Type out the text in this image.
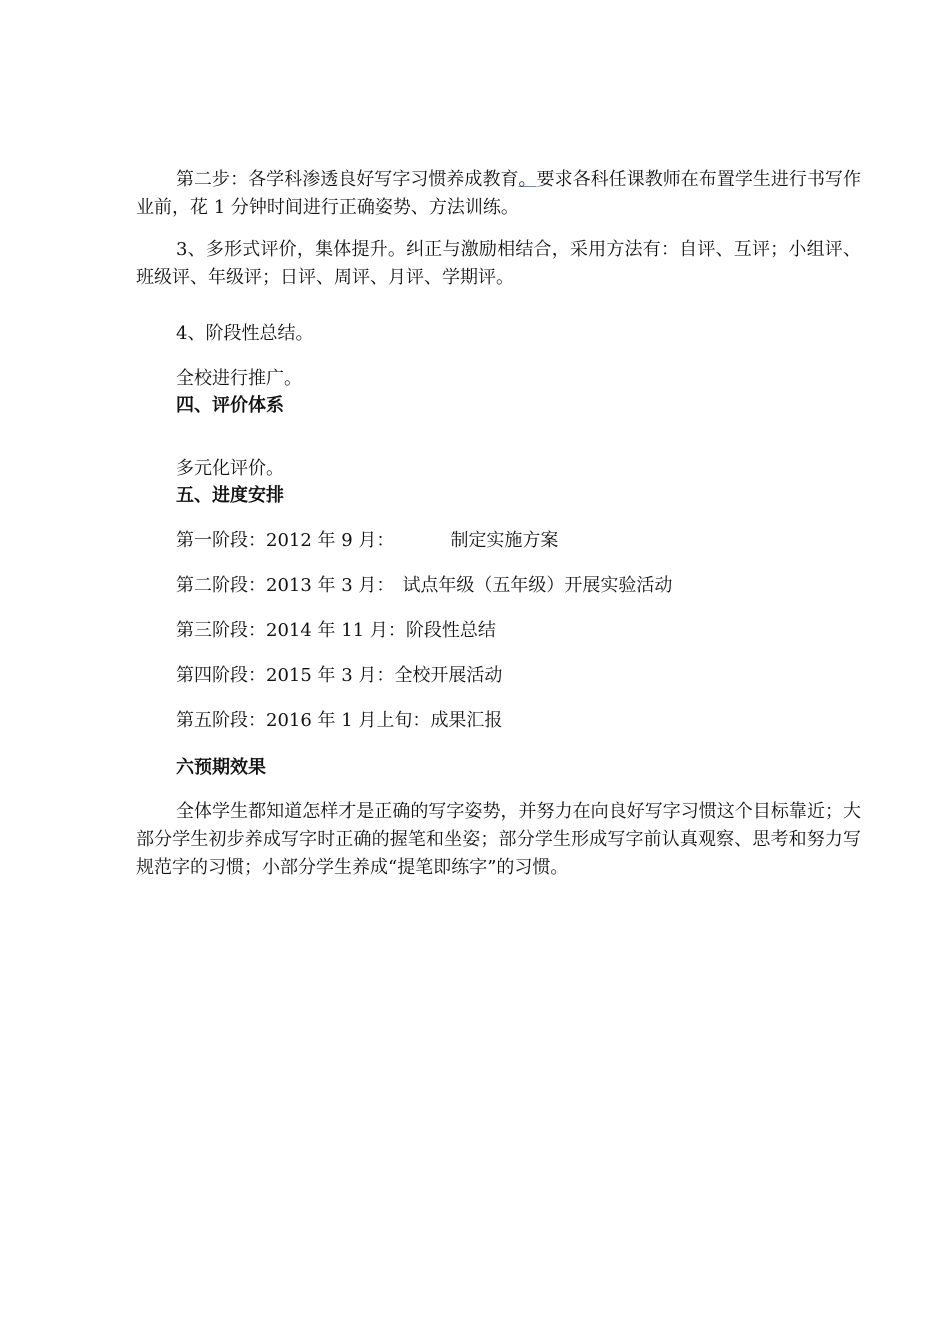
第二步：各学科渗透良好写字习惯养成教育。要求各科任课教师在布置学生进行书写作业前，花 1 分钟时间进行正确姿势、方法训练。

3、多形式评价，集体提升。纠正与激励相结合，采用方法有：自评、互评；小组评、班级评、年级评；日评、周评、月评、学期评。

4、阶段性总结。

全校进行推广。

四、评价体系

多元化评价。

五、进度安排
第一阶段：2012 年 9 月：	制定实施方案
第二阶段：2013 年 3 月： 试点年级（五年级）开展实验活动
第三阶段：2014 年 11 月：阶段性总结
第四阶段：2015 年 3 月：全校开展活动
第五阶段：2016 年 1 月上旬：成果汇报
六预期效果

全体学生都知道怎样才是正确的写字姿势，并努力在向良好写字习惯这个目标靠近；大部分学生初步养成写字时正确的握笔和坐姿；部分学生形成写字前认真观察、思考和努力写规范字的习惯；小部分学生养成“提笔即练字”的习惯。
